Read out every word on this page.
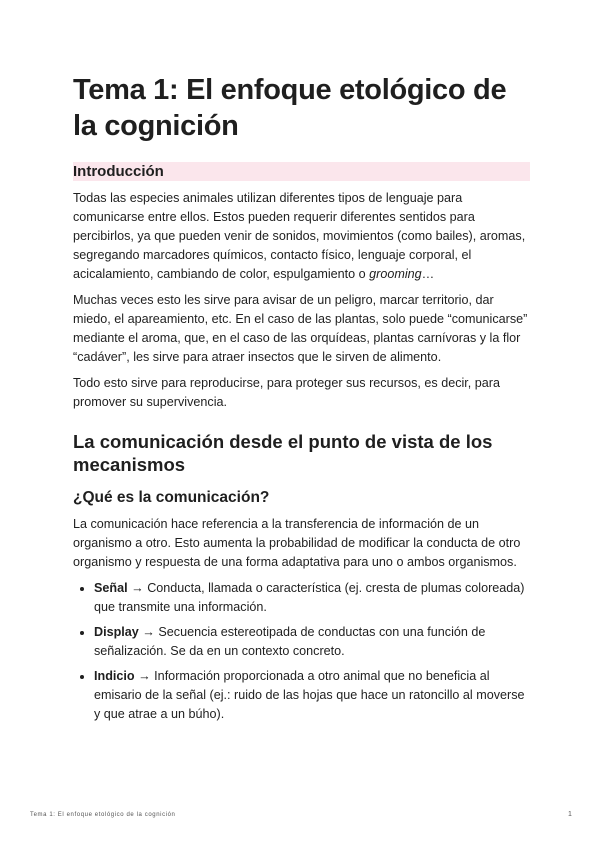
Tema 1: El enfoque etológico de la cognición
Introducción

Todas las especies animales utilizan diferentes tipos de lenguaje para comunicarse entre ellos. Estos pueden requerir diferentes sentidos para percibirlos, ya que pueden venir de sonidos, movimientos (como bailes), aromas, segregando marcadores químicos, contacto físico, lenguaje corporal, el acicalamiento, cambiando de color, espulgamiento o grooming…

Muchas veces esto les sirve para avisar de un peligro, marcar territorio, dar miedo, el apareamiento, etc. En el caso de las plantas, solo puede “comunicarse” mediante el aroma, que, en el caso de las orquídeas, plantas carnívoras y la flor “cadáver”, les sirve para atraer insectos que le sirven de alimento.

Todo esto sirve para reproducirse, para proteger sus recursos, es decir, para promover su supervivencia.

La comunicación desde el punto de vista de los mecanismos
¿Qué es la comunicación?

La comunicación hace referencia a la transferencia de información de un organismo a otro. Esto aumenta la probabilidad de modificar la conducta de otro organismo y respuesta de una forma adaptativa para uno o ambos organismos.

• Señal → Conducta, llamada o característica (ej. cresta de plumas coloreada) que transmite una información.
• Display → Secuencia estereotipada de conductas con una función de señalización. Se da en un contexto concreto.
• Indicio → Información proporcionada a otro animal que no beneficia al emisario de la señal (ej.: ruido de las hojas que hace un ratoncillo al moverse y que atrae a un búho).
Tema 1: El enfoque etológico de la cognición	1
